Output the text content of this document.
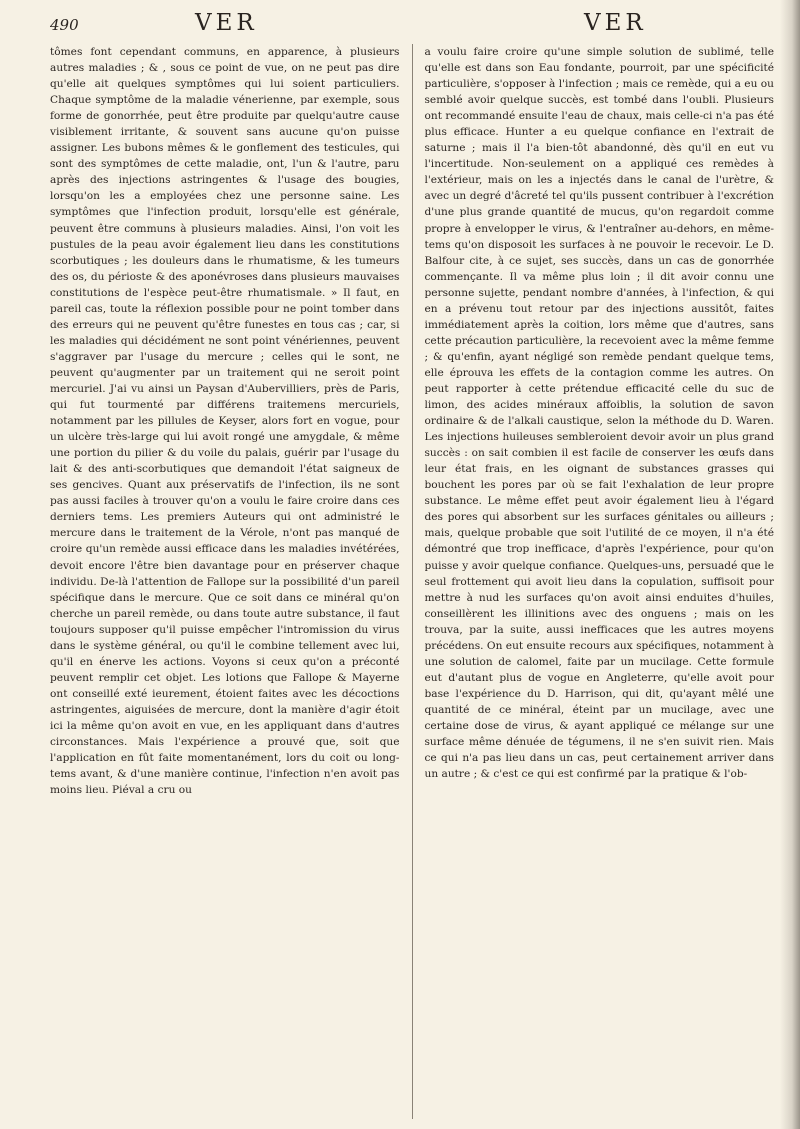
490	VER	VER

tômes font cependant communs, en apparence, à plusieurs autres maladies ; & , sous ce point de vue, on ne peut pas dire qu'elle ait quelques symptômes qui lui soient particuliers. Chaque symptôme de la maladie vénerienne, par exemple, sous forme de gonorrhée, peut être produite par quelqu'autre cause visiblement irritante, & souvent sans aucune qu'on puisse assigner. Les bubons mêmes & le gonflement des testicules, qui sont des symptômes de cette maladie, ont, l'un & l'autre, paru après des injections astringentes & l'usage des bougies, lorsqu'on les a employées chez une personne saine. Les symptômes que l'infection produit, lorsqu'elle est générale, peuvent être communs à plusieurs maladies. Ainsi, l'on voit les pustules de la peau avoir également lieu dans les constitutions scorbutiques ; les douleurs dans le rhumatisme, & les tumeurs des os, du périoste & des aponévroses dans plusieurs mauvaises constitutions de l'espèce peut-être rhumatismale. » Il faut, en pareil cas, toute la réflexion possible pour ne point tomber dans des erreurs qui ne peuvent qu'être funestes en tous cas ; car, si les maladies qui décidément ne sont point vénériennes, peuvent s'aggraver par l'usage du mercure ; celles qui le sont, ne peuvent qu'augmenter par un traitement qui ne seroit point mercuriel. J'ai vu ainsi un Paysan d'Aubervilliers, près de Paris, qui fut tourmenté par différens traitemens mercuriels, notamment par les pillules de Keyser, alors fort en vogue, pour un ulcère très-large qui lui avoit rongé une amygdale, & même une portion du pilier & du voile du palais, guérir par l'usage du lait & des anti-scorbutiques que demandoit l'état saigneux de ses gencives. Quant aux préservatifs de l'infection, ils ne sont pas aussi faciles à trouver qu'on a voulu le faire croire dans ces derniers tems. Les premiers Auteurs qui ont administré le mercure dans le traitement de la Vérole, n'ont pas manqué de croire qu'un remède aussi efficace dans les maladies invétérées, devoit encore l'être bien davantage pour en préserver chaque individu. De-là l'attention de Fallope sur la possibilité d'un pareil spécifique dans le mercure. Que ce soit dans ce minéral qu'on cherche un pareil remède, ou dans toute autre substance, il faut toujours supposer qu'il puisse empêcher l'intromission du virus dans le système général, ou qu'il le combine tellement avec lui, qu'il en énerve les actions. Voyons si ceux qu'on a préconté peuvent remplir cet objet. Les lotions que Fallope & Mayerne ont conseillé exté ieurement, étoient faites avec les décoctions astringentes, aiguisées de mercure, dont la manière d'agir étoit ici la même qu'on avoit en vue, en les appliquant dans d'autres circonstances. Mais l'expérience a prouvé que, soit que l'application en fût faite momentanément, lors du coit ou long-tems avant, & d'une manière continue, l'infection n'en avoit pas moins lieu. Piéval a cru ou

a voulu faire croire qu'une simple solution de sublimé, telle qu'elle est dans son Eau fondante, pourroit, par une spécificité particulière, s'opposer à l'infection ; mais ce remède, qui a eu ou semblé avoir quelque succès, est tombé dans l'oubli. Plusieurs ont recommandé ensuite l'eau de chaux, mais celle-ci n'a pas été plus efficace. Hunter a eu quelque confiance en l'extrait de saturne ; mais il l'a bien-tôt abandonné, dès qu'il en eut vu l'incertitude. Non-seulement on a appliqué ces remèdes à l'extérieur, mais on les a injectés dans le canal de l'urètre, & avec un degré d'âcreté tel qu'ils pussent contribuer à l'excrétion d'une plus grande quantité de mucus, qu'on regardoit comme propre à envelopper le virus, & l'entraîner au-dehors, en même-tems qu'on disposoit les surfaces à ne pouvoir le recevoir. Le D. Balfour cite, à ce sujet, ses succès, dans un cas de gonorrhée commençante. Il va même plus loin ; il dit avoir connu une personne sujette, pendant nombre d'années, à l'infection, & qui en a prévenu tout retour par des injections aussitôt, faites immédiatement après la coition, lors même que d'autres, sans cette précaution particulière, la recevoient avec la même femme ; & qu'enfin, ayant négligé son remède pendant quelque tems, elle éprouva les effets de la contagion comme les autres. On peut rapporter à cette prétendue efficacité celle du suc de limon, des acides minéraux affoiblis, la solution de savon ordinaire & de l'alkali caustique, selon la méthode du D. Waren. Les injections huileuses sembleroient devoir avoir un plus grand succès : on sait combien il est facile de conserver les œufs dans leur état frais, en les oignant de substances grasses qui bouchent les pores par où se fait l'exhalation de leur propre substance. Le même effet peut avoir également lieu à l'égard des pores qui absorbent sur les surfaces génitales ou ailleurs ; mais, quelque probable que soit l'utilité de ce moyen, il n'a été démontré que trop inefficace, d'après l'expérience, pour qu'on puisse y avoir quelque confiance. Quelques-uns, persuadé que le seul frottement qui avoit lieu dans la copulation, suffisoit pour mettre à nud les surfaces qu'on avoit ainsi enduites d'huiles, conseillèrent les illinitions avec des onguens ; mais on les trouva, par la suite, aussi inefficaces que les autres moyens précédens. On eut ensuite recours aux spécifiques, notamment à une solution de calomel, faite par un mucilage. Cette formule eut d'autant plus de vogue en Angleterre, qu'elle avoit pour base l'expérience du D. Harrison, qui dit, qu'ayant mêlé une quantité de ce minéral, éteint par un mucilage, avec une certaine dose de virus, & ayant appliqué ce mélange sur une surface même dénuée de tégumens, il ne s'en suivit rien. Mais ce qui n'a pas lieu dans un cas, peut certainement arriver dans un autre ; & c'est ce qui est confirmé par la pratique & l'ob-
